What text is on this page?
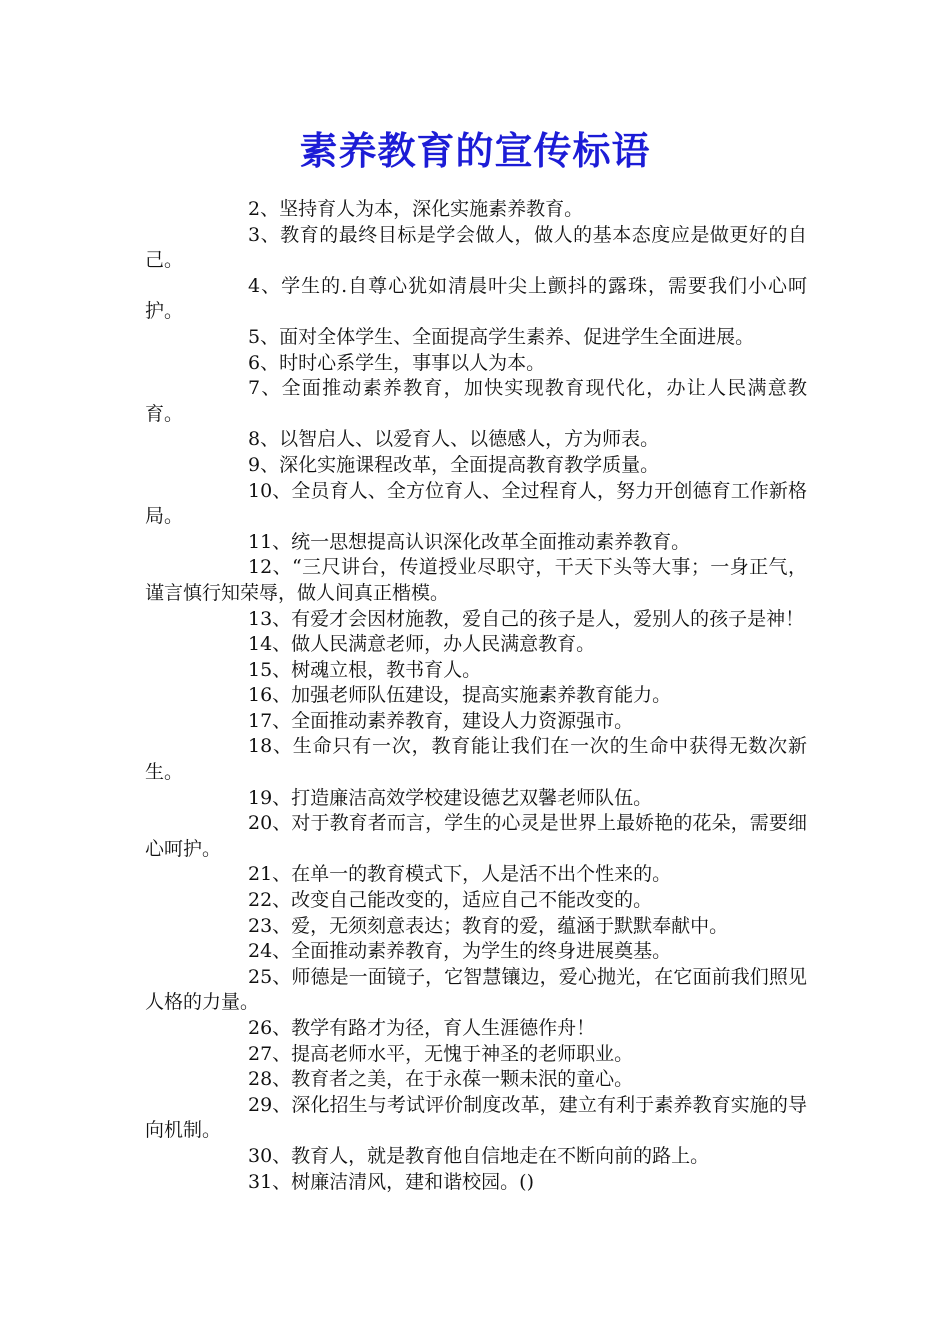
素养教育的宣传标语

2、坚持育人为本，深化实施素养教育。

3、教育的最终目标是学会做人，做人的基本态度应是做更好的自己。

4、学生的.自尊心犹如清晨叶尖上颤抖的露珠，需要我们小心呵护。

5、面对全体学生、全面提高学生素养、促进学生全面进展。

6、时时心系学生，事事以人为本。

7、全面推动素养教育，加快实现教育现代化，办让人民满意教育。

8、以智启人、以爱育人、以德感人，方为师表。

9、深化实施课程改革，全面提高教育教学质量。

10、全员育人、全方位育人、全过程育人，努力开创德育工作新格局。

11、统一思想提高认识深化改革全面推动素养教育。

12、“三尺讲台，传道授业尽职守，干天下头等大事；一身正气，谨言慎行知荣辱，做人间真正楷模。

13、有爱才会因材施教，爱自己的孩子是人，爱别人的孩子是神！

14、做人民满意老师，办人民满意教育。

15、树魂立根，教书育人。

16、加强老师队伍建设，提高实施素养教育能力。

17、全面推动素养教育，建设人力资源强市。

18、生命只有一次，教育能让我们在一次的生命中获得无数次新生。

19、打造廉洁高效学校建设德艺双馨老师队伍。

20、对于教育者而言，学生的心灵是世界上最娇艳的花朵，需要细心呵护。

21、在单一的教育模式下，人是活不出个性来的。

22、改变自己能改变的，适应自己不能改变的。

23、爱，无须刻意表达；教育的爱，蕴涵于默默奉献中。

24、全面推动素养教育，为学生的终身进展奠基。

25、师德是一面镜子，它智慧镶边，爱心抛光，在它面前我们照见人格的力量。

26、教学有路才为径，育人生涯德作舟！

27、提高老师水平，无愧于神圣的老师职业。

28、教育者之美，在于永葆一颗未泯的童心。

29、深化招生与考试评价制度改革，建立有利于素养教育实施的导向机制。

30、教育人，就是教育他自信地走在不断向前的路上。

31、树廉洁清风，建和谐校园。()
